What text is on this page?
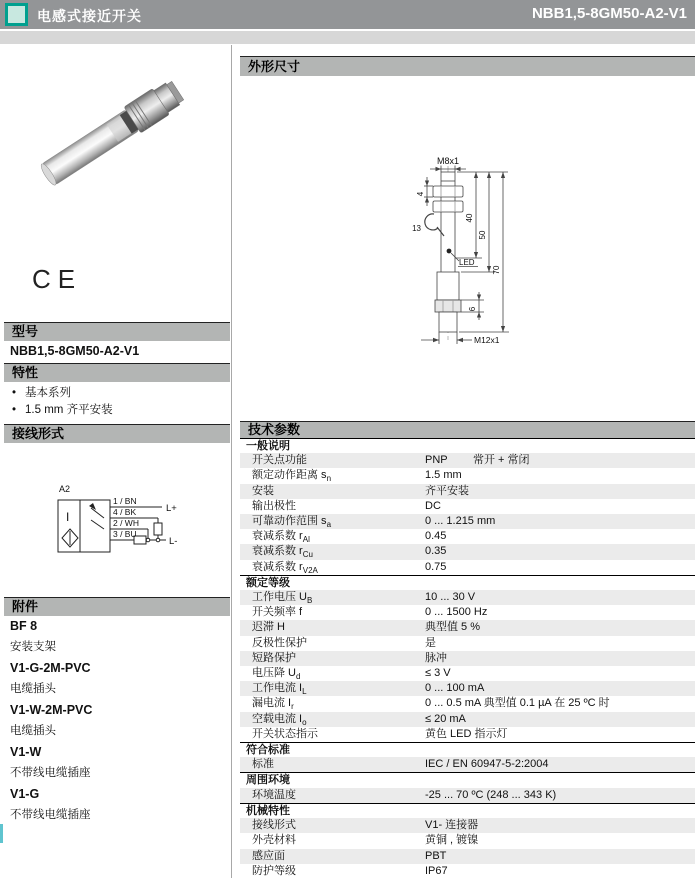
电感式接近开关	NBB1,5-8GM50-A2-V1
CE
型号
NBB1,5-8GM50-A2-V1
特性
• 基本系列
• 1.5 mm 齐平安装
接线形式
A2
I
1 / BN
4 / BK
2 / WH
3 / BU
L+
L-
附件
BF 8
安装支架
V1-G-2M-PVC
电缆插头
V1-W-2M-PVC
电缆插头
V1-W
不带线电缆插座
V1-G
不带线电缆插座
外形尺寸
M8x1
4
13
40
50
70
LED
6
M12x1
技术参数
一般说明
开关点功能	PNP 常开 + 常闭
额定动作距离 $s_n$	1.5 mm
安装	齐平安装
输出极性	DC
可靠动作范围 $s_a$	0 ... 1.215 mm
衰减系数 $r_{Al}$	0.45
衰减系数 $r_{Cu}$	0.35
衰减系数 $r_{V2A}$	0.75
额定等级
工作电压 $U_B$	10 ... 30 V
开关频率 f	0 ... 1500 Hz
迟滞 H	典型值 5 %
反极性保护	是
短路保护	脉冲
电压降 $U_d$	≤ 3 V
工作电流 $I_L$	0 ... 100 mA
漏电流 $I_r$	0 ... 0.5 mA 典型值 0.1 µA 在 25 ºC 时
空载电流 $I_o$	≤ 20 mA
开关状态指示	黄色 LED 指示灯
符合标准
标准	IEC / EN 60947-5-2:2004
周围环境
环境温度	-25 ... 70 ºC (248 ... 343 K)
机械特性
接线形式	V1- 连接器
外壳材料	黄铜 , 镀镍
感应面	PBT
防护等级	IP67
